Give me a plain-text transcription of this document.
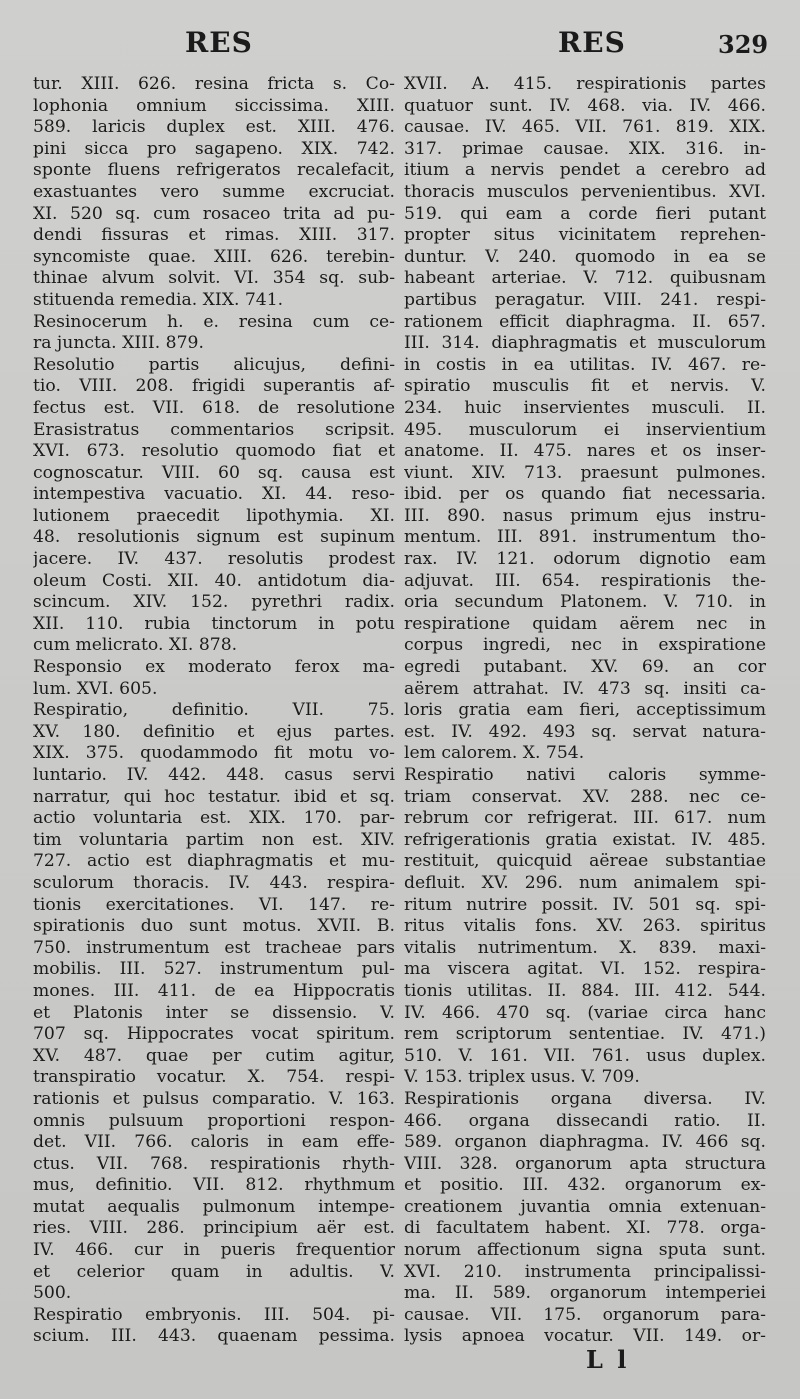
RES	RES	329
tur. XIII. 626. resina fricta s. Co-
lophonia omnium siccissima. XIII.
589. laricis duplex est. XIII. 476.
pini sicca pro sagapeno. XIX. 742.
sponte fluens refrigeratos recalefacit,
exastuantes vero summe excruciat.
XI. 520 sq. cum rosaceo trita ad pu-
dendi fissuras et rimas. XIII. 317.
syncomiste quae. XIII. 626. terebin-
thinae alvum solvit. VI. 354 sq. sub-
stituenda remedia. XIX. 741.
Resinocerum h. e. resina cum ce-
ra juncta. XIII. 879.
Resolutio partis alicujus, defini-
tio. VIII. 208. frigidi superantis af-
fectus est. VII. 618. de resolutione
Erasistratus commentarios scripsit.
XVI. 673. resolutio quomodo fiat et
cognoscatur. VIII. 60 sq. causa est
intempestiva vacuatio. XI. 44. reso-
lutionem praecedit lipothymia. XI.
48. resolutionis signum est supinum
jacere. IV. 437. resolutis prodest
oleum Costi. XII. 40. antidotum dia-
scincum. XIV. 152. pyrethri radix.
XII. 110. rubia tinctorum in potu
cum melicrato. XI. 878.
Responsio ex moderato ferox ma-
lum. XVI. 605.
Respiratio, definitio. VII. 75.
XV. 180. definitio et ejus partes.
XIX. 375. quodammodo fit motu vo-
luntario. IV. 442. 448. casus servi
narratur, qui hoc testatur. ibid et sq.
actio voluntaria est. XIX. 170. par-
tim voluntaria partim non est. XIV.
727. actio est diaphragmatis et mu-
sculorum thoracis. IV. 443. respira-
tionis exercitationes. VI. 147. re-
spirationis duo sunt motus. XVII. B.
750. instrumentum est tracheae pars
mobilis. III. 527. instrumentum pul-
mones. III. 411. de ea Hippocratis
et Platonis inter se dissensio. V.
707 sq. Hippocrates vocat spiritum.
XV. 487. quae per cutim agitur,
transpiratio vocatur. X. 754. respi-
rationis et pulsus comparatio. V. 163.
omnis pulsuum proportioni respon-
det. VII. 766. caloris in eam effe-
ctus. VII. 768. respirationis rhyth-
mus, definitio. VII. 812. rhythmum
mutat aequalis pulmonum intempe-
ries. VIII. 286. principium aër est.
IV. 466. cur in pueris frequentior
et celerior quam in adultis. V.
500.
Respiratio embryonis. III. 504. pi-
scium. III. 443. quaenam pessima.
XVII. A. 415. respirationis partes
quatuor sunt. IV. 468. via. IV. 466.
causae. IV. 465. VII. 761. 819. XIX.
317. primae causae. XIX. 316. in-
itium a nervis pendet a cerebro ad
thoracis musculos pervenientibus. XVI.
519. qui eam a corde fieri putant
propter situs vicinitatem reprehen-
duntur. V. 240. quomodo in ea se
habeant arteriae. V. 712. quibusnam
partibus peragatur. VIII. 241. respi-
rationem efficit diaphragma. II. 657.
III. 314. diaphragmatis et musculorum
in costis in ea utilitas. IV. 467. re-
spiratio musculis fit et nervis. V.
234. huic inservientes musculi. II.
495. musculorum ei inservientium
anatome. II. 475. nares et os inser-
viunt. XIV. 713. praesunt pulmones.
ibid. per os quando fiat necessaria.
III. 890. nasus primum ejus instru-
mentum. III. 891. instrumentum tho-
rax. IV. 121. odorum dignotio eam
adjuvat. III. 654. respirationis the-
oria secundum Platonem. V. 710. in
respiratione quidam aërem nec in
corpus ingredi, nec in exspiratione
egredi putabant. XV. 69. an cor
aërem attrahat. IV. 473 sq. insiti ca-
loris gratia eam fieri, acceptissimum
est. IV. 492. 493 sq. servat natura-
lem calorem. X. 754.
Respiratio nativi caloris symme-
triam conservat. XV. 288. nec ce-
rebrum cor refrigerat. III. 617. num
refrigerationis gratia existat. IV. 485.
restituit, quicquid aëreae substantiae
defluit. XV. 296. num animalem spi-
ritum nutrire possit. IV. 501 sq. spi-
ritus vitalis fons. XV. 263. spiritus
vitalis nutrimentum. X. 839. maxi-
ma viscera agitat. VI. 152. respira-
tionis utilitas. II. 884. III. 412. 544.
IV. 466. 470 sq. (variae circa hanc
rem scriptorum sententiae. IV. 471.)
510. V. 161. VII. 761. usus duplex.
V. 153. triplex usus. V. 709.
Respirationis organa diversa. IV.
466. organa dissecandi ratio. II.
589. organon diaphragma. IV. 466 sq.
VIII. 328. organorum apta structura
et positio. III. 432. organorum ex-
creationem juvantia omnia extenuan-
di facultatem habent. XI. 778. orga-
norum affectionum signa sputa sunt.
XVI. 210. instrumenta principalissi-
ma. II. 589. organorum intemperiei
causae. VII. 175. organorum para-
lysis apnoea vocatur. VII. 149. or-
L l
